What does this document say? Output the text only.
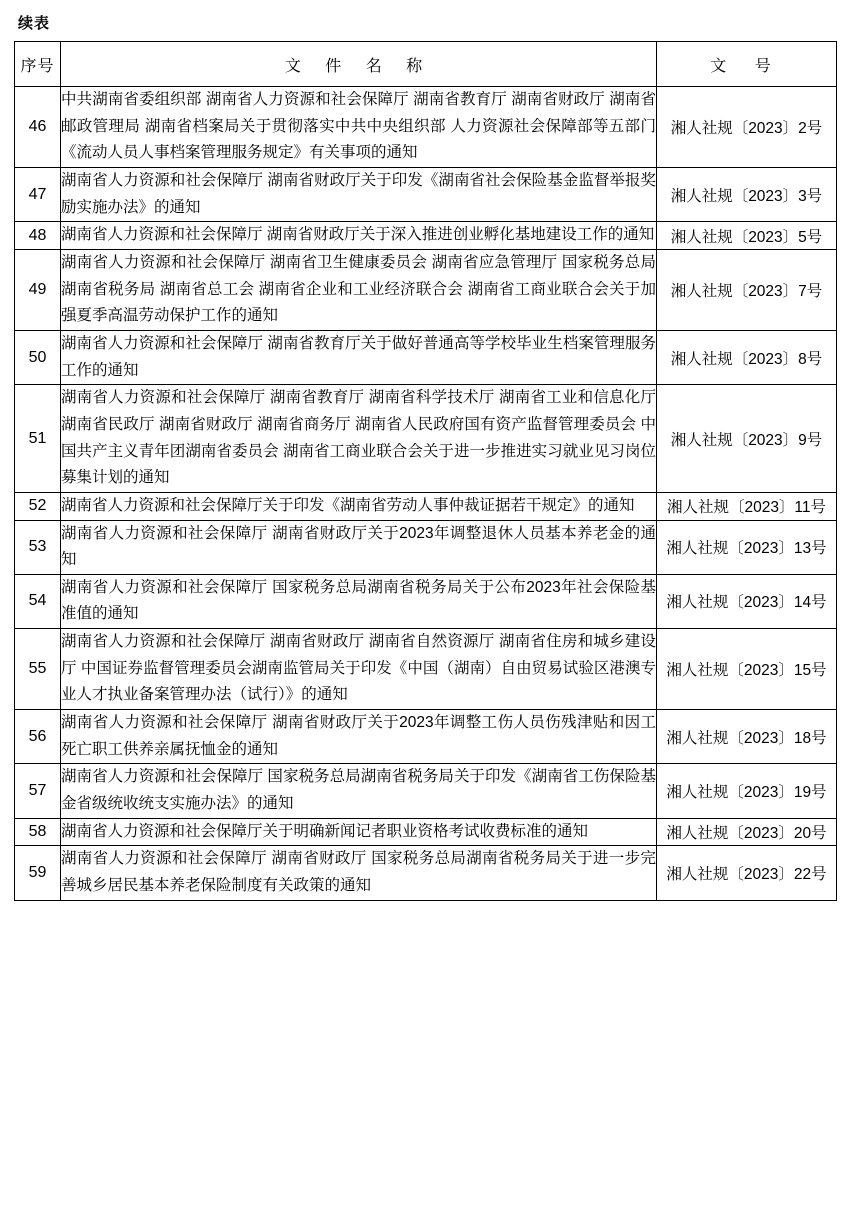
续表
序号	文 件 名 称	文 号
46	中共湖南省委组织部 湖南省人力资源和社会保障厅 湖南省教育厅 湖南省财政厅 湖南省邮政管理局 湖南省档案局关于贯彻落实中共中央组织部 人力资源社会保障部等五部门《流动人员人事档案管理服务规定》有关事项的通知	湘人社规〔2023〕2号
47	湖南省人力资源和社会保障厅 湖南省财政厅关于印发《湖南省社会保险基金监督举报奖励实施办法》的通知	湘人社规〔2023〕3号
48	湖南省人力资源和社会保障厅 湖南省财政厅关于深入推进创业孵化基地建设工作的通知	湘人社规〔2023〕5号
49	湖南省人力资源和社会保障厅 湖南省卫生健康委员会 湖南省应急管理厅 国家税务总局湖南省税务局 湖南省总工会 湖南省企业和工业经济联合会 湖南省工商业联合会关于加强夏季高温劳动保护工作的通知	湘人社规〔2023〕7号
50	湖南省人力资源和社会保障厅 湖南省教育厅关于做好普通高等学校毕业生档案管理服务工作的通知	湘人社规〔2023〕8号
51	湖南省人力资源和社会保障厅 湖南省教育厅 湖南省科学技术厅 湖南省工业和信息化厅 湖南省民政厅 湖南省财政厅 湖南省商务厅 湖南省人民政府国有资产监督管理委员会 中国共产主义青年团湖南省委员会 湖南省工商业联合会关于进一步推进实习就业见习岗位募集计划的通知	湘人社规〔2023〕9号
52	湖南省人力资源和社会保障厅关于印发《湖南省劳动人事仲裁证据若干规定》的通知	湘人社规〔2023〕11号
53	湖南省人力资源和社会保障厅 湖南省财政厅关于2023年调整退休人员基本养老金的通知	湘人社规〔2023〕13号
54	湖南省人力资源和社会保障厅 国家税务总局湖南省税务局关于公布2023年社会保险基准值的通知	湘人社规〔2023〕14号
55	湖南省人力资源和社会保障厅 湖南省财政厅 湖南省自然资源厅 湖南省住房和城乡建设厅 中国证券监督管理委员会湖南监管局关于印发《中国（湖南）自由贸易试验区港澳专业人才执业备案管理办法（试行）》的通知	湘人社规〔2023〕15号
56	湖南省人力资源和社会保障厅 湖南省财政厅关于2023年调整工伤人员伤残津贴和因工死亡职工供养亲属抚恤金的通知	湘人社规〔2023〕18号
57	湖南省人力资源和社会保障厅 国家税务总局湖南省税务局关于印发《湖南省工伤保险基金省级统收统支实施办法》的通知	湘人社规〔2023〕19号
58	湖南省人力资源和社会保障厅关于明确新闻记者职业资格考试收费标准的通知	湘人社规〔2023〕20号
59	湖南省人力资源和社会保障厅 湖南省财政厅 国家税务总局湖南省税务局关于进一步完善城乡居民基本养老保险制度有关政策的通知	湘人社规〔2023〕22号
